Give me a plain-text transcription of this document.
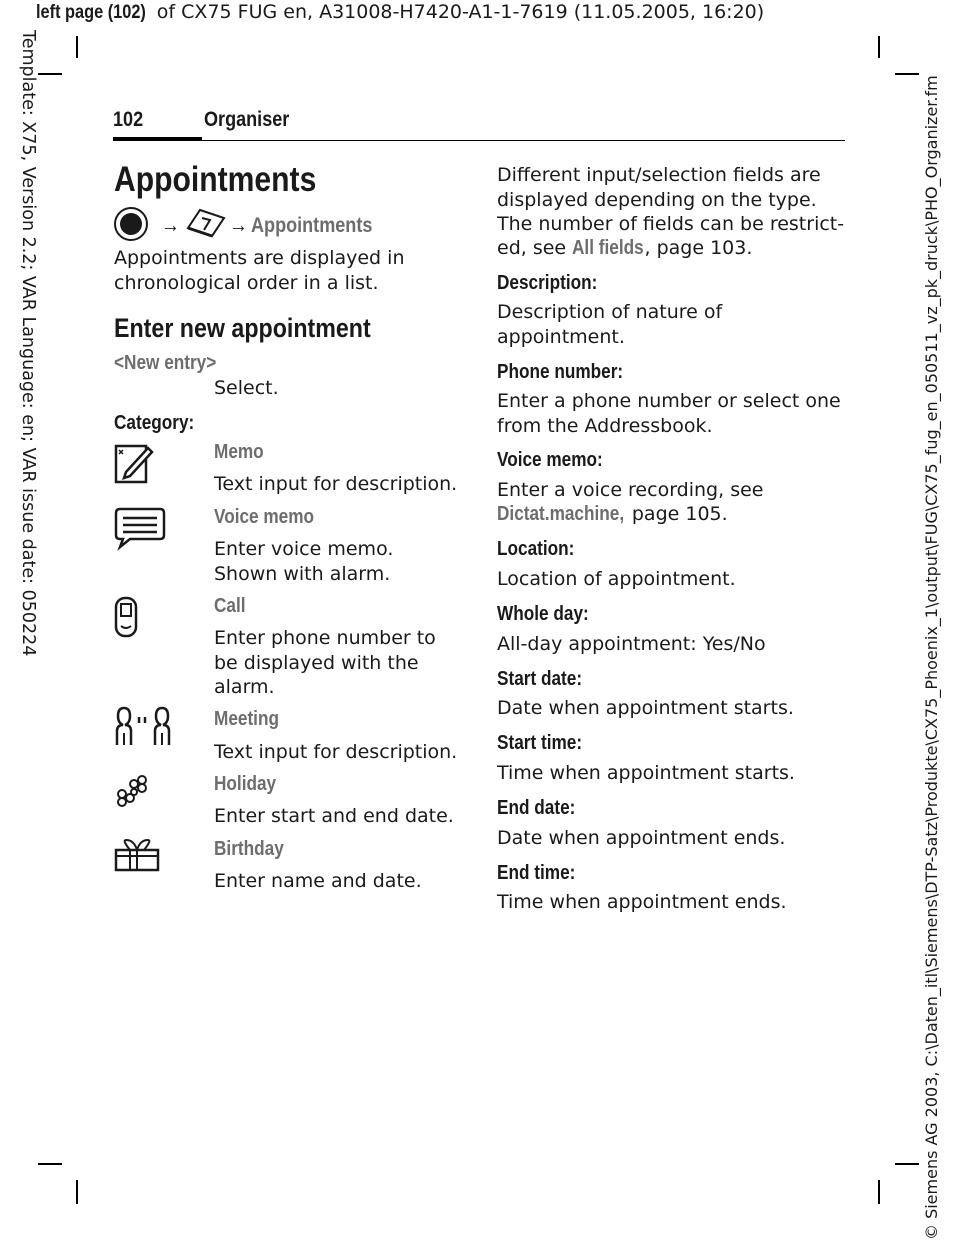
left page (102) of CX75 FUG en, A31008-H7420-A1-1-7619 (11.05.2005, 16:20)
Template: X75, Version 2.2; VAR Language: en; VAR issue date: 050224	© Siemens AG 2003, C:\Daten_itl\Siemens\DTP-Satz\Produkte\CX75_Phoenix_1\output\FUG\CX75_fug_en_050511_vz_pk_druck\PHO_Organizer.fm
102	Organiser
Appointments
→ → Appointments
Appointments are displayed in
chronological order in a list.
Enter new appointment
<New entry>
Select.
Category:
Memo
Text input for description.
Voice memo
Enter voice memo.
Shown with alarm.
Call
Enter phone number to
be displayed with the
alarm.
Meeting
Text input for description.
Holiday
Enter start and end date.
Birthday
Enter name and date.
Different input/selection fields are
displayed depending on the type.
The number of fields can be restrict-
ed, see All fields, page 103.
Description:
Description of nature of
appointment.
Phone number:
Enter a phone number or select one
from the Addressbook.
Voice memo:
Enter a voice recording, see
Dictat.machine, page 105.
Location:
Location of appointment.
Whole day:
All-day appointment: Yes/No
Start date:
Date when appointment starts.
Start time:
Time when appointment starts.
End date:
Date when appointment ends.
End time:
Time when appointment ends.
